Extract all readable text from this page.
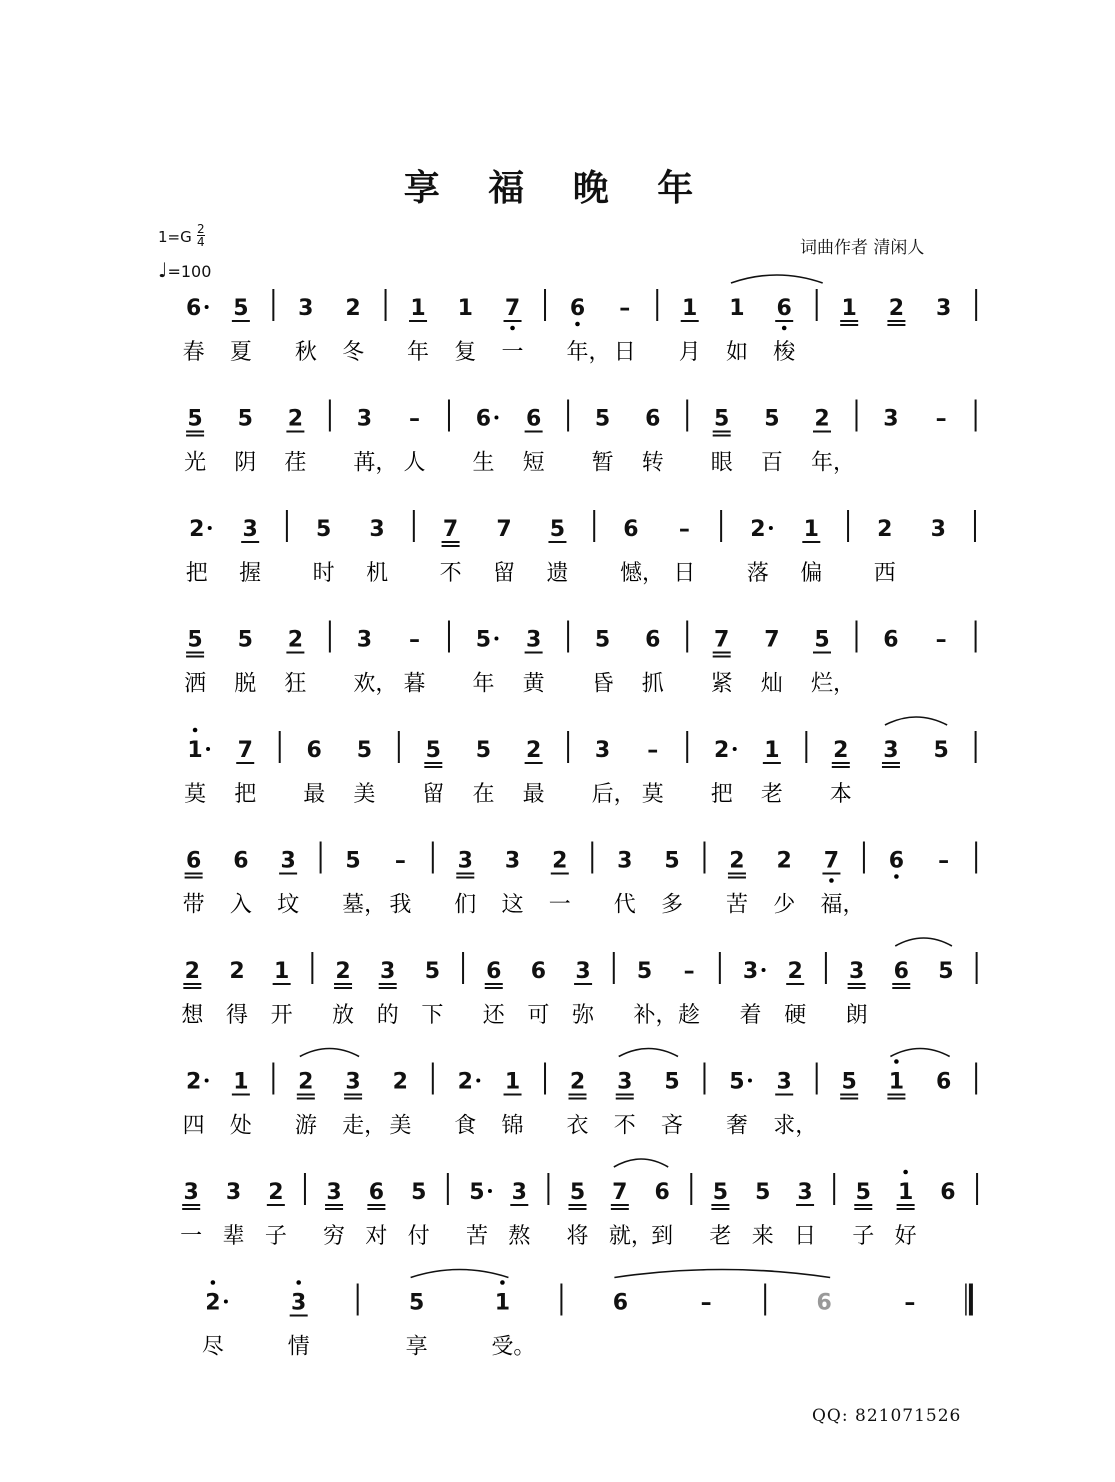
享 福 晚 年
$1=G \frac{2}{4}$
♩=100
词曲作者 清闲人
QQ: 821071526
6 5 3 2 1 1 7 6 – 1 1 6 1 2 3
春 夏 秋 冬 年 复 一 年， 日 月 如 梭
5 5 2 3 –	6 6 5 6 5 5 2 3 –
光 阴 荏 苒， 人 生 短 暂 转 眼 百 年，
2 3	5 3	7 7 5	6 –	2 1	2 3
把 握 时 机 不 留 遗 憾， 日 落 偏 西
5 5 2 3 –	5 3 5 6 7 7 5 6 –
洒 脱 狂 欢， 暮 年 黄 昏 抓 紧 灿 烂，
1 7 6 5 5 5 2 3 –	2 1 2 3 5
莫 把 最 美 留 在 最 后， 莫 把 老 本
6 6 3 5 – 3 3 2 3 5 2 2 7 6 –
带 入 坟 墓， 我 们 这 一 代 多 苦 少 福，
2 2 1 2 3 5 6 6 3 5 – 3 2 3 6 5
想 得 开 放 的 下 还 可 弥 补， 趁 着 硬 朗
2 1 2 3 2 2 1 2 3 5 5 3 5 1 6
四 处 游 走， 美 食 锦 衣 不 吝 奢 求，
3 3 2 3 6 5 5 3 5 7 6 5 5 3 5 1 6
一 辈 子 穷 对 付 苦 熬 将 就，
到 老 来 日 子 好
2	3	5	1	6	–	6	–
尽	情	享	受。
